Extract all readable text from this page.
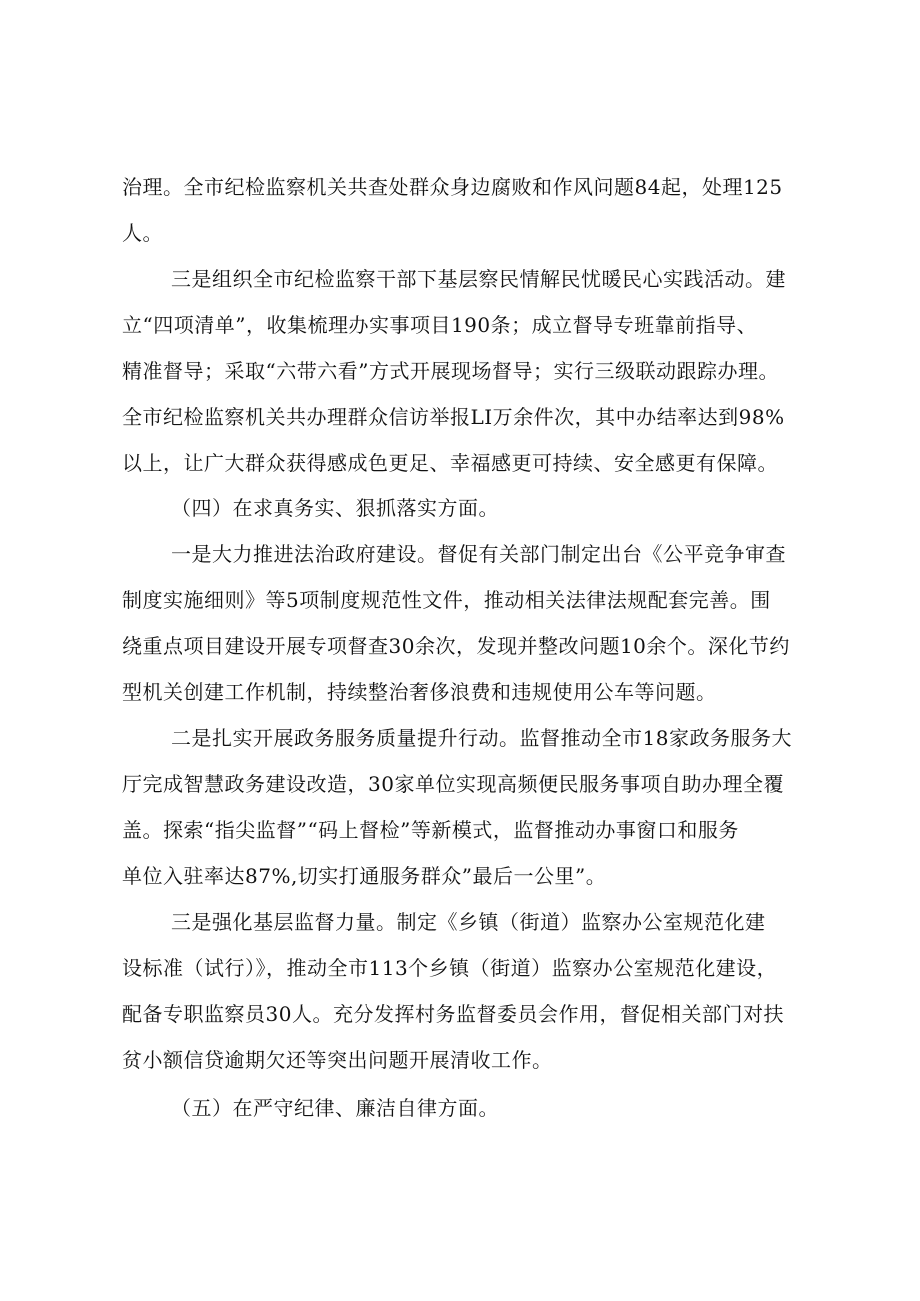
治理。全市纪检监察机关共查处群众身边腐败和作风问题84起，处理125
人。
三是组织全市纪检监察干部下基层察民情解民忧暖民心实践活动。建
立“四项清单”，收集梳理办实事项目190条；成立督导专班靠前指导、
精准督导；采取“六带六看”方式开展现场督导；实行三级联动跟踪办理。
全市纪检监察机关共办理群众信访举报LI万余件次，其中办结率达到98%
以上，让广大群众获得感成色更足、幸福感更可持续、安全感更有保障。
（四）在求真务实、狠抓落实方面。
一是大力推进法治政府建设。督促有关部门制定出台《公平竞争审查
制度实施细则》等5项制度规范性文件，推动相关法律法规配套完善。围
绕重点项目建设开展专项督查30余次，发现并整改问题10余个。深化节约
型机关创建工作机制，持续整治奢侈浪费和违规使用公车等问题。
二是扎实开展政务服务质量提升行动。监督推动全市18家政务服务大
厅完成智慧政务建设改造，30家单位实现高频便民服务事项自助办理全覆
盖。探索“指尖监督”“码上督检”等新模式，监督推动办事窗口和服务
单位入驻率达87%,切实打通服务群众”最后一公里”。
三是强化基层监督力量。制定《乡镇（街道）监察办公室规范化建
设标准（试行）》，推动全市113个乡镇（街道）监察办公室规范化建设，
配备专职监察员30人。充分发挥村务监督委员会作用，督促相关部门对扶
贫小额信贷逾期欠还等突出问题开展清收工作。
（五）在严守纪律、廉洁自律方面。
